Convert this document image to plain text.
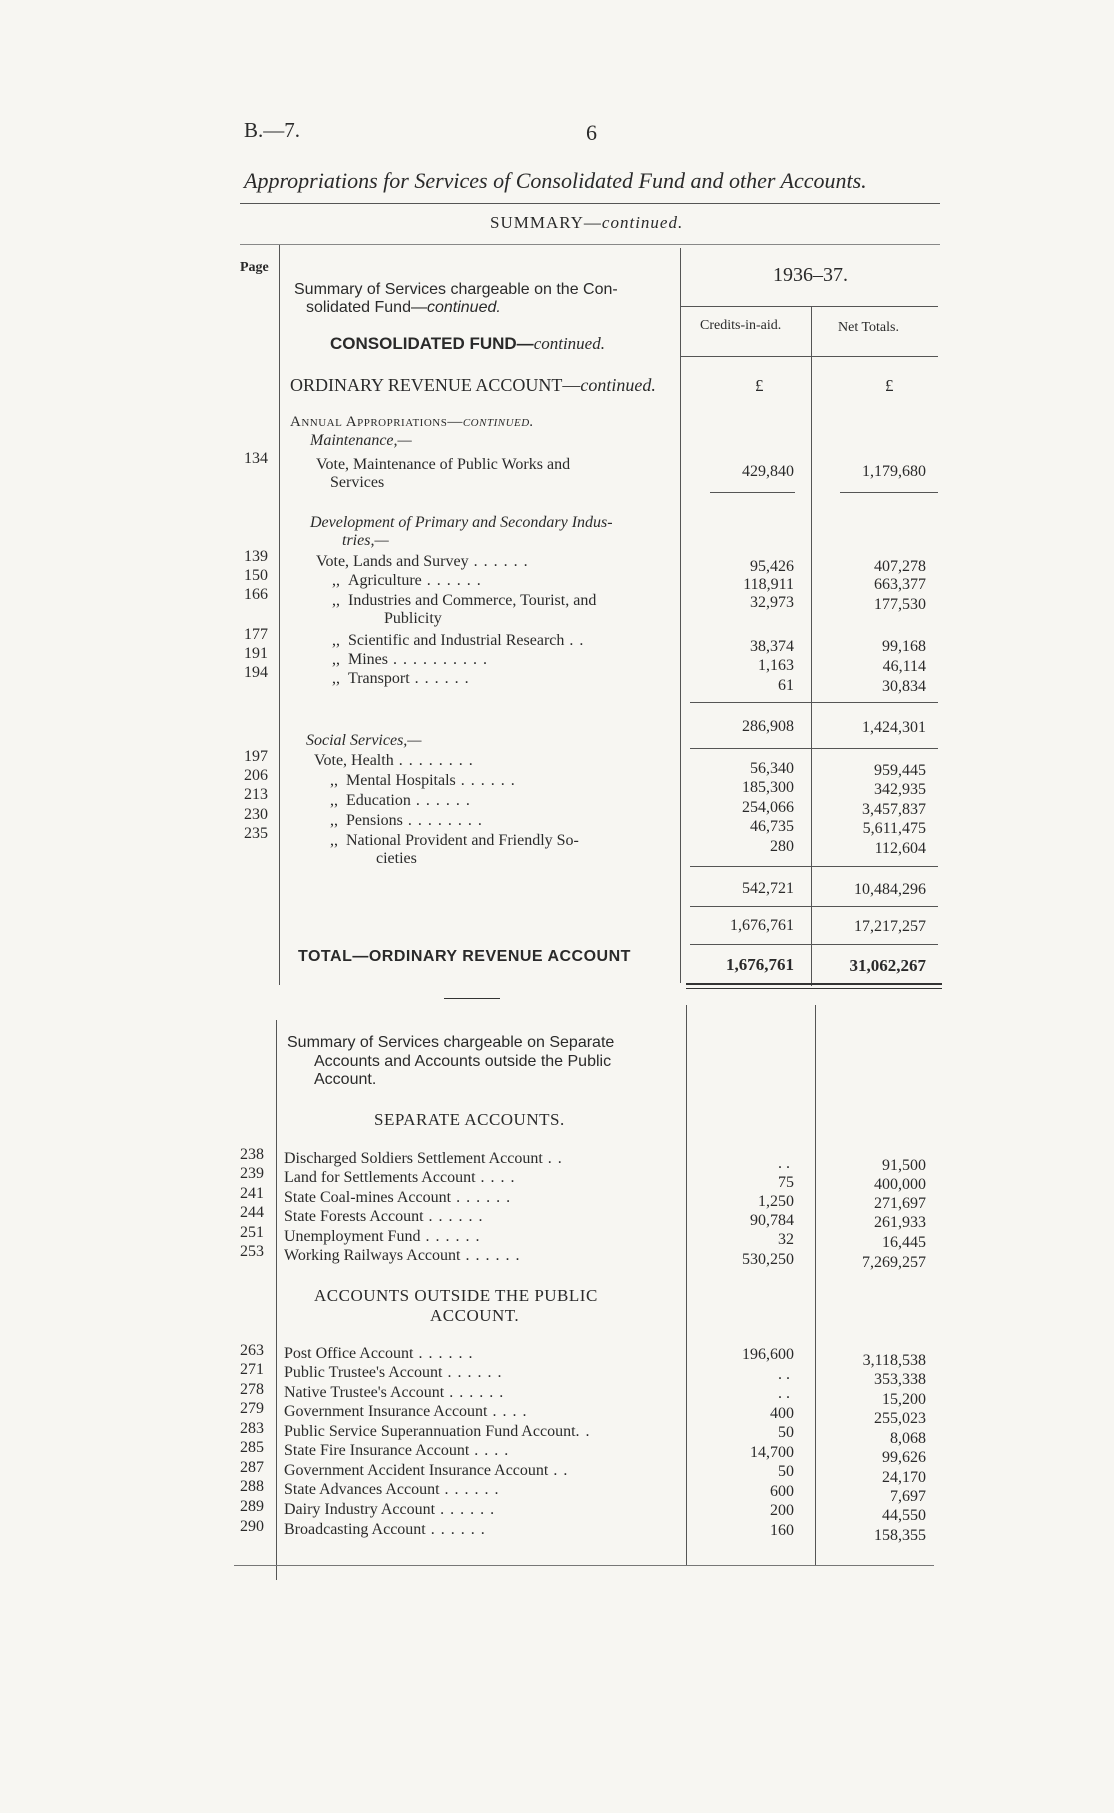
B.—7.	6
Appropriations for Services of Consolidated Fund and other Accounts.
SUMMARY—continued.
Page	1936–37.
Credits-in-aid.	Net Totals.
£	£
Summary of Services chargeable on the Con-
solidated Fund—continued.
CONSOLIDATED FUND—continued.
ORDINARY REVENUE ACCOUNT—continued.
Annual Appropriations—continued.
Maintenance,—
134	Vote, Maintenance of Public Works and
Services
429,840	1,179,680
Development of Primary and Secondary Indus-
tries,—
139	Vote, Lands and Survey . . . . . .	95,426	407,278
150	,, Agriculture . . . . . .	118,911	663,377
166	,, Industries and Commerce, Tourist, and	32,973	177,530
Publicity
177	,, Scientific and Industrial Research . .	38,374	99,168
191	,, Mines . . . . . . . . . .	1,163	46,114
194	,, Transport . . . . . .	61	30,834
286,908	1,424,301
Social Services,—
197	Vote, Health . . . . . . . .	56,340	959,445
206	,, Mental Hospitals . . . . . .	185,300	342,935
213	,, Education . . . . . .	254,066	3,457,837
230	,, Pensions . . . . . . . .	46,735	5,611,475
235	,, National Provident and Friendly So-	280	112,604
cieties
542,721	10,484,296
1,676,761	17,217,257
TOTAL—ORDINARY REVENUE ACCOUNT	1,676,761	31,062,267
Summary of Services chargeable on Separate
Accounts and Accounts outside the Public
Account.
SEPARATE ACCOUNTS.
238 Discharged Soldiers Settlement Account . .	. .	91,500
239 Land for Settlements Account . . . .	75	400,000
241 State Coal-mines Account . . . . . .	1,250	271,697
244 State Forests Account . . . . . .	90,784	261,933
251 Unemployment Fund . . . . . .	32	16,445
253 Working Railways Account . . . . . .	530,250	7,269,257
ACCOUNTS OUTSIDE THE PUBLIC
ACCOUNT.
263 Post Office Account . . . . . .	196,600	3,118,538
271 Public Trustee's Account . . . . . .	. .	353,338
278 Native Trustee's Account . . . . . .	. .	15,200
279 Government Insurance Account . . . .	400	255,023
283 Public Service Superannuation Fund Account. .	50	8,068
285 State Fire Insurance Account . . . .	14,700	99,626
287 Government Accident Insurance Account . .	50	24,170
288 State Advances Account . . . . . .	600	7,697
289 Dairy Industry Account . . . . . .	200	44,550
290 Broadcasting Account . . . . . .	160	158,355
